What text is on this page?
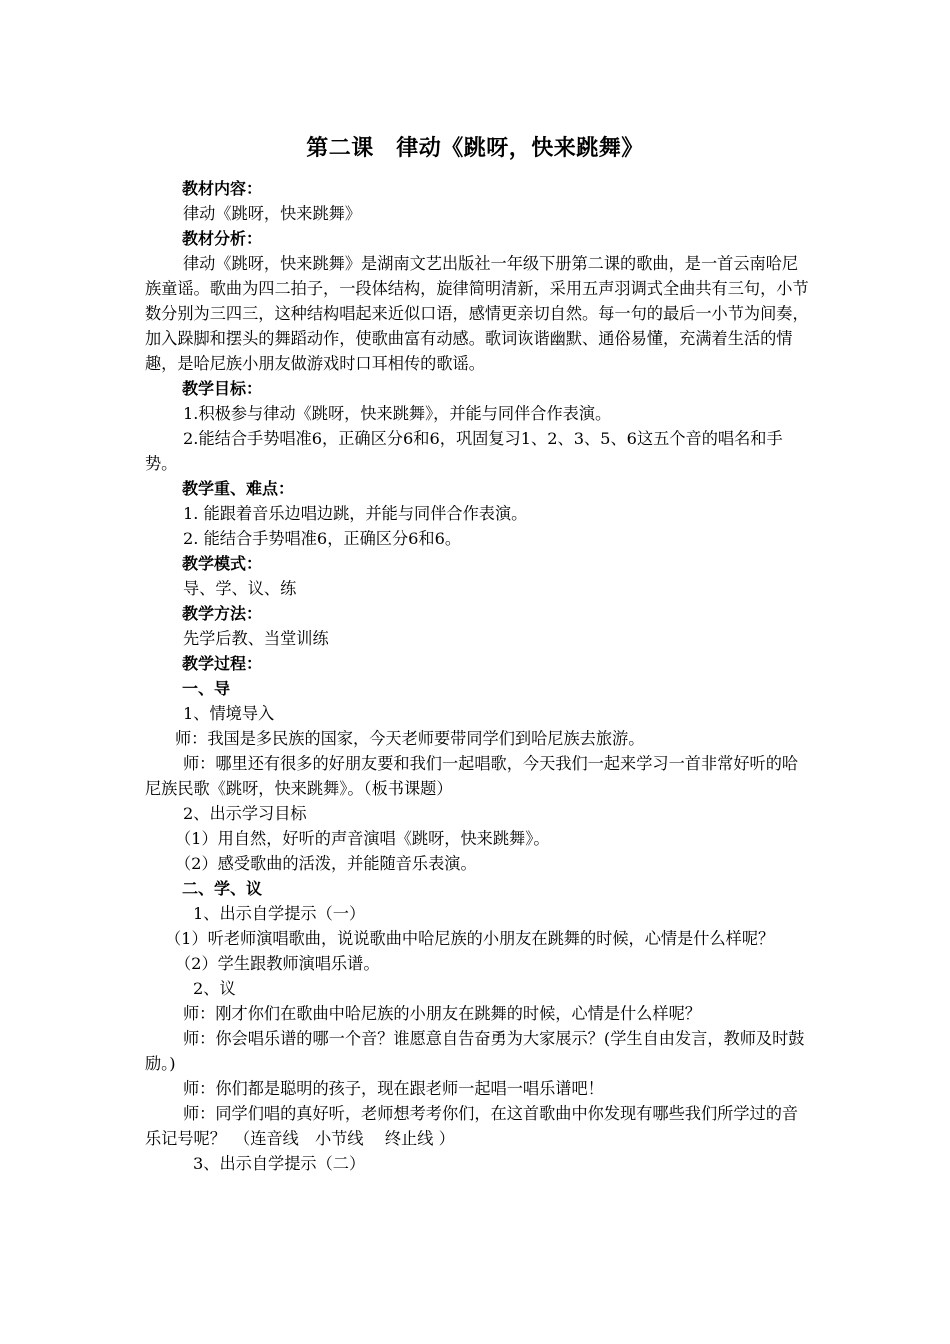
第二课　律动《跳呀，快来跳舞》

教材内容：

律动《跳呀，快来跳舞》

教材分析：

律动《跳呀，快来跳舞》是湖南文艺出版社一年级下册第二课的歌曲，是一首云南哈尼族童谣。歌曲为四二拍子，一段体结构，旋律简明清新，采用五声羽调式全曲共有三句，小节数分别为三四三，这种结构唱起来近似口语，感情更亲切自然。每一句的最后一小节为间奏，加入跺脚和摆头的舞蹈动作，使歌曲富有动感。歌词诙谐幽默、通俗易懂，充满着生活的情趣，是哈尼族小朋友做游戏时口耳相传的歌谣。

教学目标：

1.积极参与律动《跳呀，快来跳舞》，并能与同伴合作表演。

2.能结合手势唱准6，正确区分6和6，巩固复习1、2、3、5、6这五个音的唱名和手势。

教学重、难点：

1. 能跟着音乐边唱边跳，并能与同伴合作表演。

2. 能结合手势唱准6，正确区分6和6。

教学模式：

导、学、议、练

教学方法：

先学后教、当堂训练

教学过程：

一、导

1、情境导入

师：我国是多民族的国家，今天老师要带同学们到哈尼族去旅游。

师：哪里还有很多的好朋友要和我们一起唱歌，今天我们一起来学习一首非常好听的哈尼族民歌《跳呀，快来跳舞》。（板书课题）

2、出示学习目标

（1）用自然，好听的声音演唱《跳呀，快来跳舞》。

（2）感受歌曲的活泼，并能随音乐表演。

二、学、议

1、出示自学提示（一）

（1）听老师演唱歌曲，说说歌曲中哈尼族的小朋友在跳舞的时候，心情是什么样呢？

（2）学生跟教师演唱乐谱。

2、议

师：刚才你们在歌曲中哈尼族的小朋友在跳舞的时候，心情是什么样呢？

师：你会唱乐谱的哪一个音？谁愿意自告奋勇为大家展示？(学生自由发言，教师及时鼓励。)

师：你们都是聪明的孩子，现在跟老师一起唱一唱乐谱吧！

师：同学们唱的真好听，老师想考考你们，在这首歌曲中你发现有哪些我们所学过的音乐记号呢？　（连音线　小节线　 终止线 ）

3、出示自学提示（二）
